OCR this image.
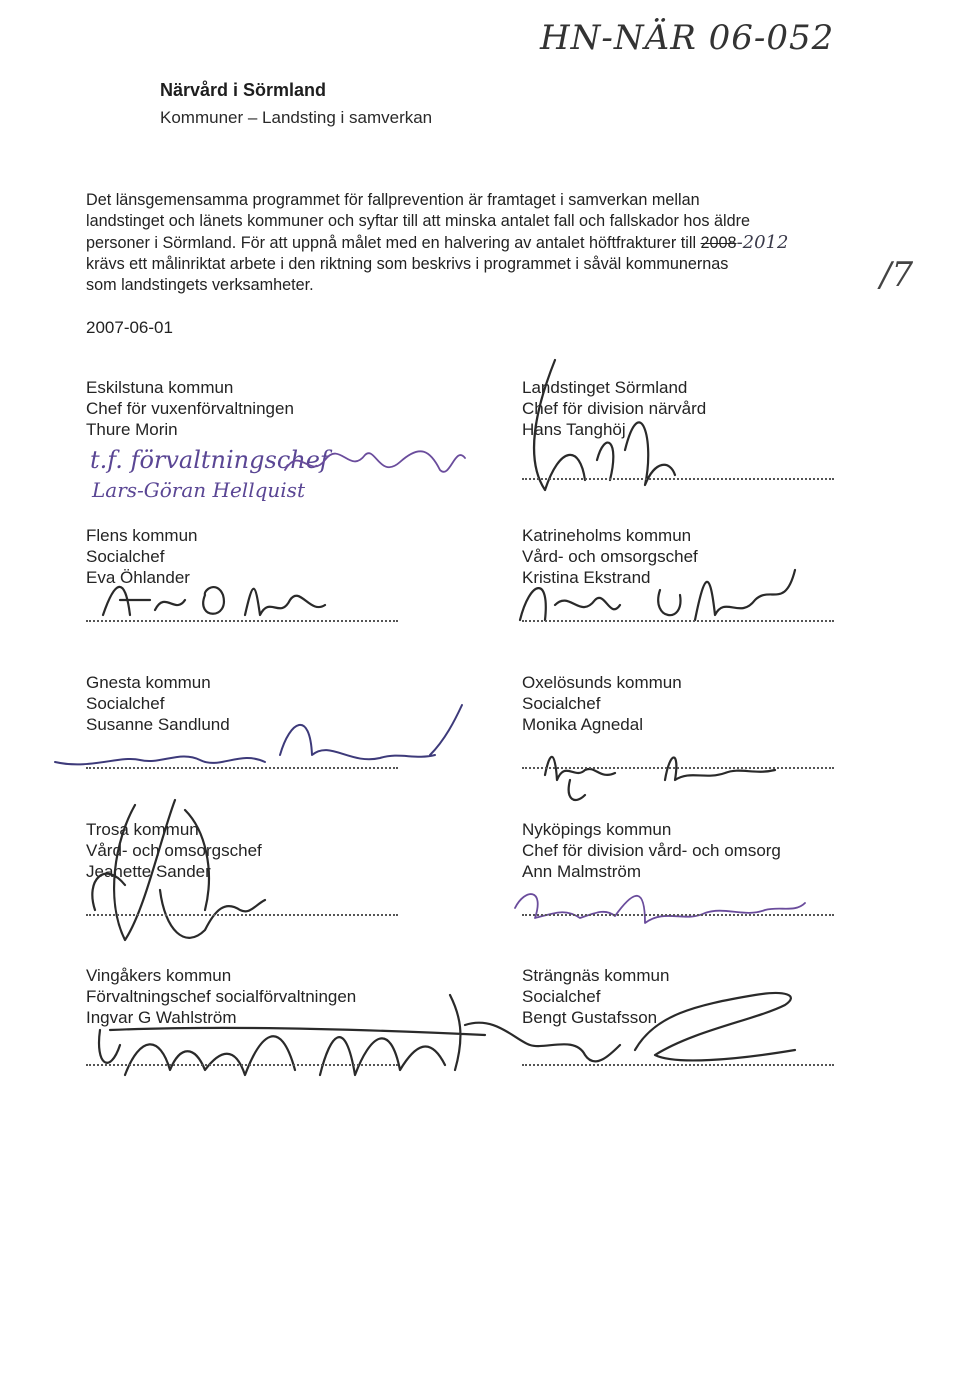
HN-NÄR 06-052
Närvård i Sörmland
Kommuner – Landsting i samverkan
Det länsgemensamma programmet för fallprevention är framtaget i samverkan mellan
landstinget och länets kommuner och syftar till att minska antalet fall och fallskador hos äldre
personer i Sörmland. För att uppnå målet med en halvering av antalet höftfrakturer till 2008-2012
krävs ett målinriktat arbete i den riktning som beskrivs i programmet i såväl kommunernas
som landstingets verksamheter.	/7
2007-06-01
Eskilstuna kommun
Chef för vuxenförvaltningen
Thure Morin
t.f. förvaltningschef
Lars-Göran Hellquist
Landstinget Sörmland
Chef för division närvård
Hans Tanghöj
Flens kommun
Socialchef
Eva Öhlander
Katrineholms kommun
Vård- och omsorgschef
Kristina Ekstrand
Gnesta kommun
Socialchef
Susanne Sandlund
Oxelösunds kommun
Socialchef
Monika Agnedal
Trosa kommun
Vård- och omsorgschef
Jeanette Sander
Nyköpings kommun
Chef för division vård- och omsorg
Ann Malmström
Vingåkers kommun
Förvaltningschef socialförvaltningen
Ingvar G Wahlström
Strängnäs kommun
Socialchef
Bengt Gustafsson
